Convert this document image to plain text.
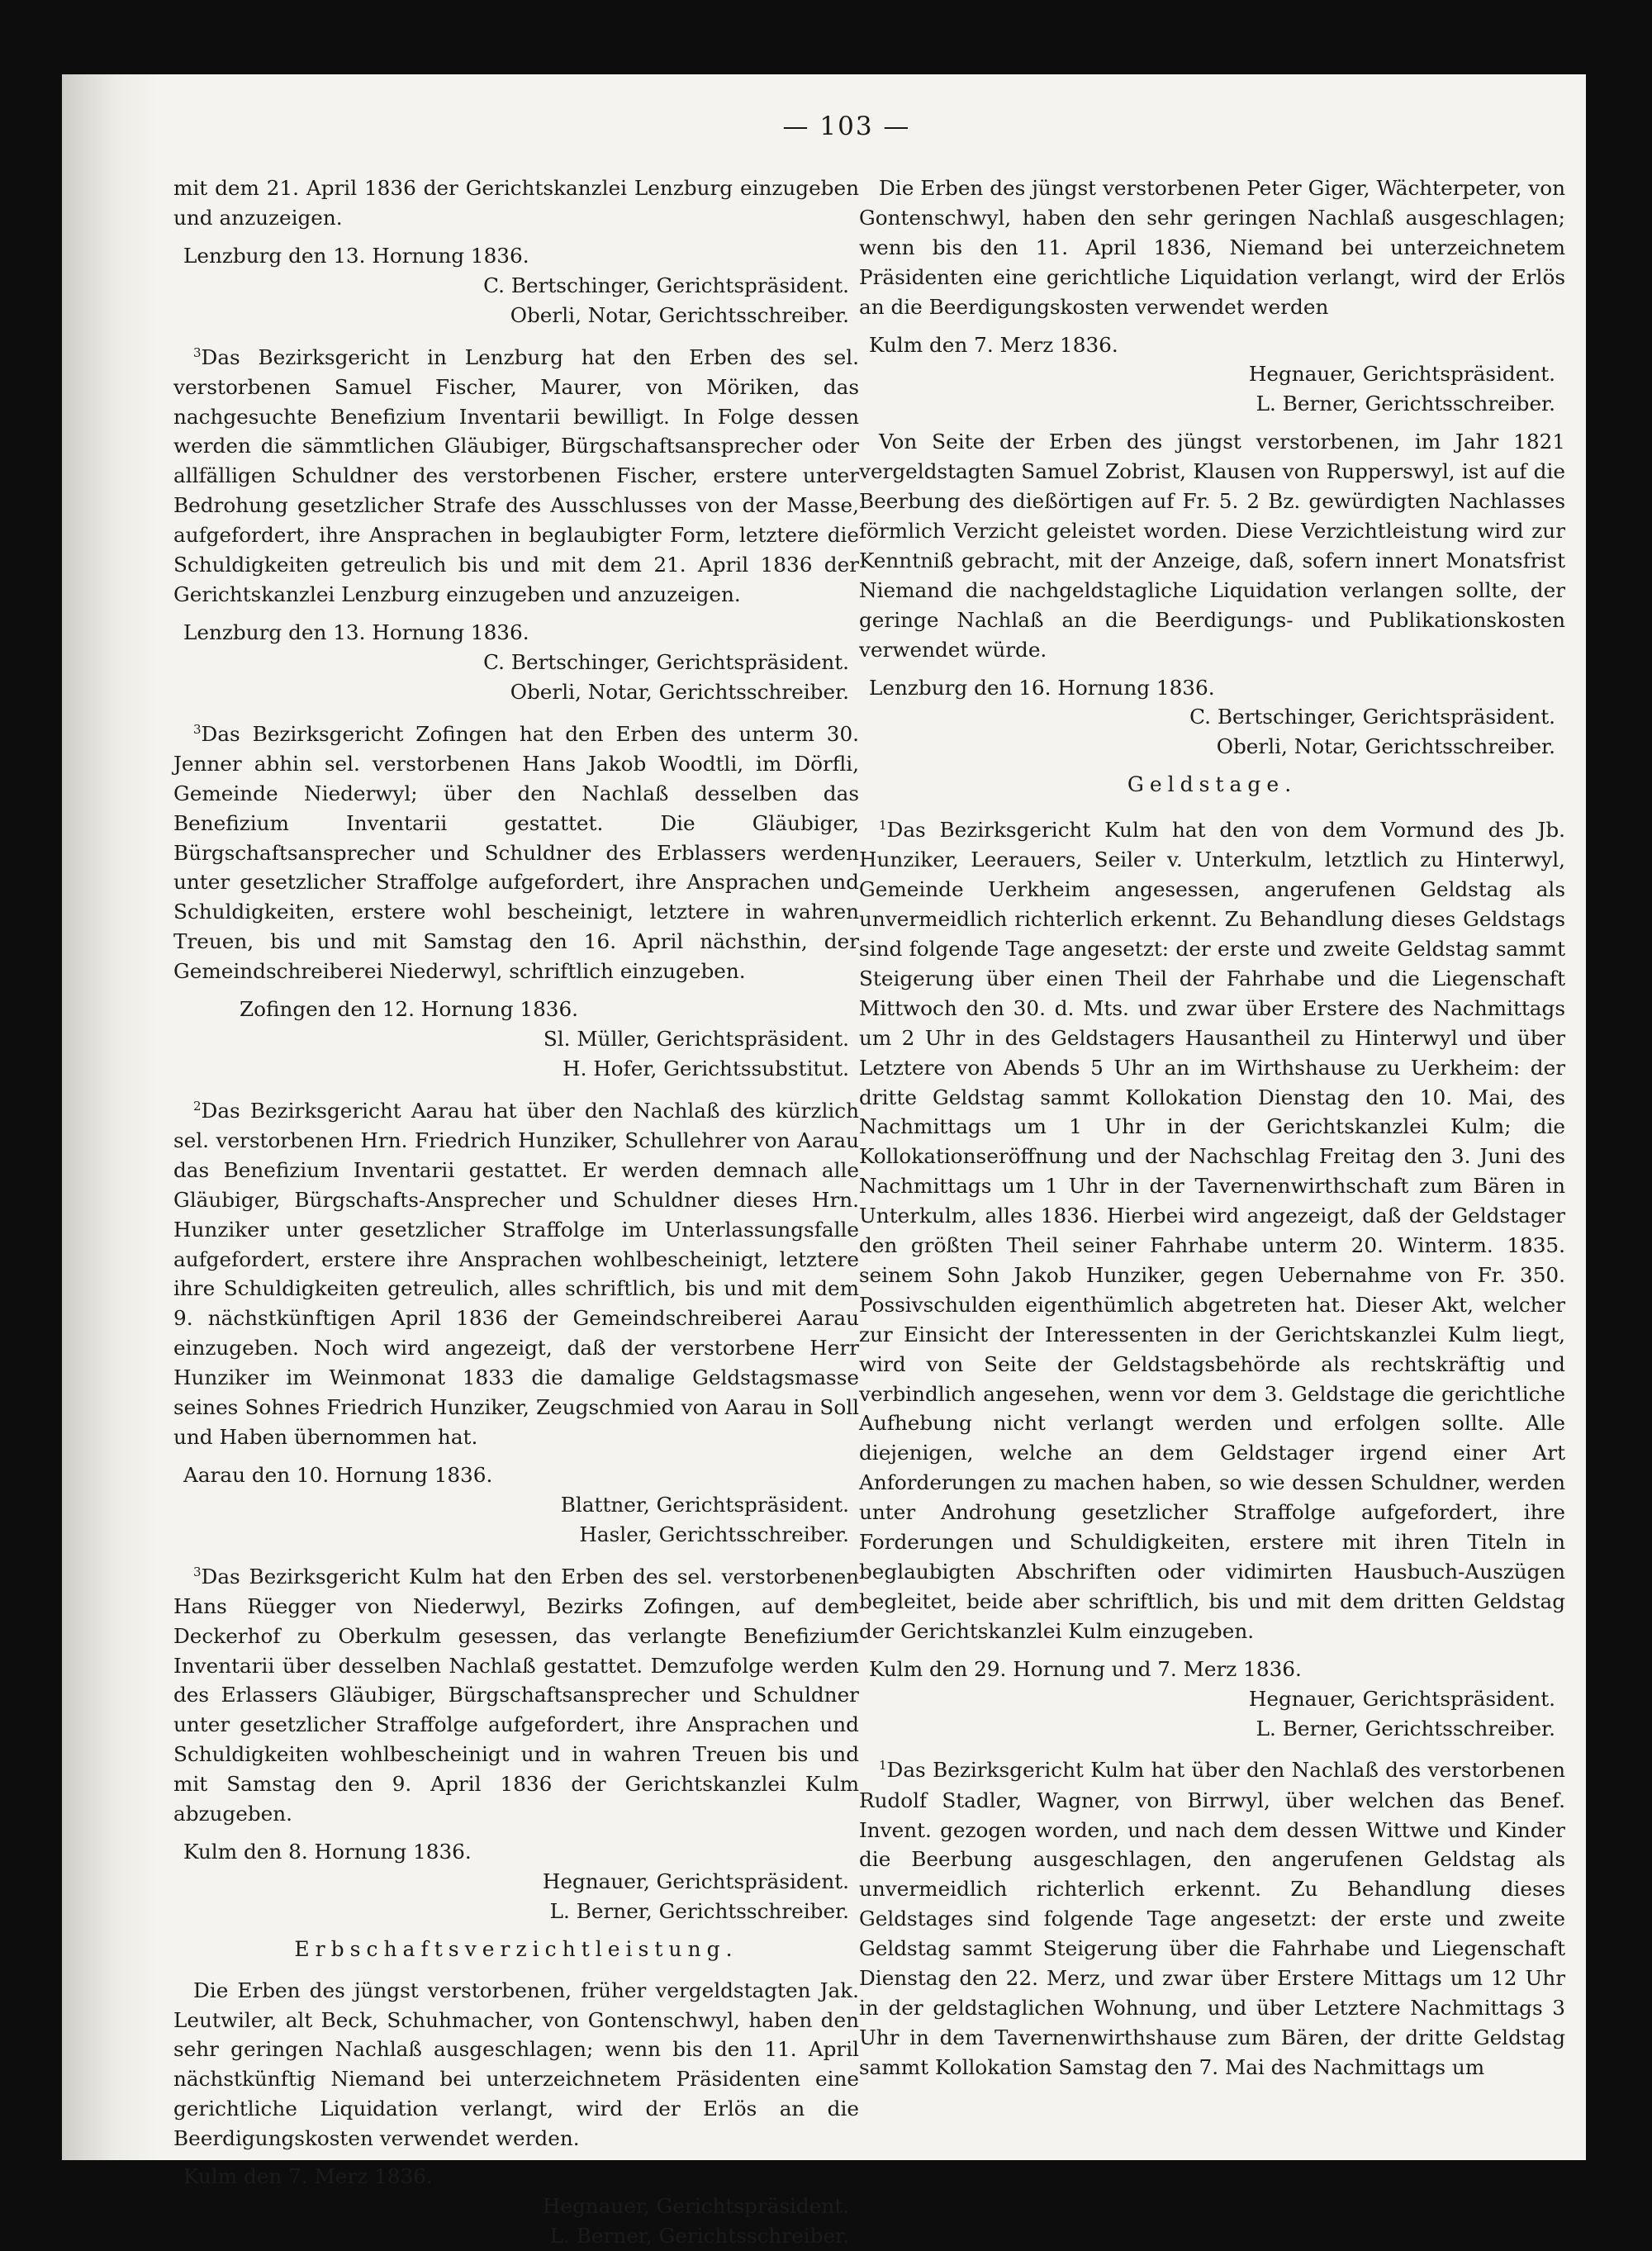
— 103 —

mit dem 21. April 1836 der Gerichtskanzlei Lenzburg einzugeben und anzuzeigen.

Lenzburg den 13. Hornung 1836.

C. Bertschinger, Gerichtspräsident.

Oberli, Notar, Gerichtsschreiber.

$^3$Das Bezirksgericht in Lenzburg hat den Erben des sel. verstorbenen Samuel Fischer, Maurer, von Möriken, das nachgesuchte Benefizium Inventarii bewilligt. In Folge dessen werden die sämmtlichen Gläubiger, Bürgschaftsansprecher oder allfälligen Schuldner des verstorbenen Fischer, erstere unter Bedrohung gesetzlicher Strafe des Ausschlusses von der Masse, aufgefordert, ihre Ansprachen in beglaubigter Form, letztere die Schuldigkeiten getreulich bis und mit dem 21. April 1836 der Gerichtskanzlei Lenzburg einzugeben und anzuzeigen.

Lenzburg den 13. Hornung 1836.

C. Bertschinger, Gerichtspräsident.

Oberli, Notar, Gerichtsschreiber.

$^3$Das Bezirksgericht Zofingen hat den Erben des unterm 30. Jenner abhin sel. verstorbenen Hans Jakob Woodtli, im Dörfli, Gemeinde Niederwyl; über den Nachlaß desselben das Benefizium Inventarii gestattet. Die Gläubiger, Bürgschaftsansprecher und Schuldner des Erblassers werden unter gesetzlicher Straffolge aufgefordert, ihre Ansprachen und Schuldigkeiten, erstere wohl bescheinigt, letztere in wahren Treuen, bis und mit Samstag den 16. April nächsthin, der Gemeindschreiberei Niederwyl, schriftlich einzugeben.

Zofingen den 12. Hornung 1836.

Sl. Müller, Gerichtspräsident.

H. Hofer, Gerichtssubstitut.

$^2$Das Bezirksgericht Aarau hat über den Nachlaß des kürzlich sel. verstorbenen Hrn. Friedrich Hunziker, Schullehrer von Aarau das Benefizium Inventarii gestattet. Er werden demnach alle Gläubiger, Bürgschafts-Ansprecher und Schuldner dieses Hrn. Hunziker unter gesetzlicher Straffolge im Unterlassungsfalle aufgefordert, erstere ihre Ansprachen wohlbescheinigt, letztere ihre Schuldigkeiten getreulich, alles schriftlich, bis und mit dem 9. nächstkünftigen April 1836 der Gemeindschreiberei Aarau einzugeben. Noch wird angezeigt, daß der verstorbene Herr Hunziker im Weinmonat 1833 die damalige Geldstagsmasse seines Sohnes Friedrich Hunziker, Zeugschmied von Aarau in Soll und Haben übernommen hat.

Aarau den 10. Hornung 1836.

Blattner, Gerichtspräsident.

Hasler, Gerichtsschreiber.

$^3$Das Bezirksgericht Kulm hat den Erben des sel. verstorbenen Hans Rüegger von Niederwyl, Bezirks Zofingen, auf dem Deckerhof zu Oberkulm gesessen, das verlangte Benefizium Inventarii über desselben Nachlaß gestattet. Demzufolge werden des Erlassers Gläubiger, Bürgschaftsansprecher und Schuldner unter gesetzlicher Straffolge aufgefordert, ihre Ansprachen und Schuldigkeiten wohlbescheinigt und in wahren Treuen bis und mit Samstag den 9. April 1836 der Gerichtskanzlei Kulm abzugeben.

Kulm den 8. Hornung 1836.

Hegnauer, Gerichtspräsident.

L. Berner, Gerichtsschreiber.

Erbschaftsverzichtleistung.

Die Erben des jüngst verstorbenen, früher vergeldstagten Jak. Leutwiler, alt Beck, Schuhmacher, von Gontenschwyl, haben den sehr geringen Nachlaß ausgeschlagen; wenn bis den 11. April nächstkünftig Niemand bei unterzeichnetem Präsidenten eine gerichtliche Liquidation verlangt, wird der Erlös an die Beerdigungskosten verwendet werden.

Kulm den 7. Merz 1836.

Hegnauer, Gerichtspräsident.

L. Berner, Gerichtsschreiber.

Die Erben des jüngst verstorbenen Peter Giger, Wächterpeter, von Gontenschwyl, haben den sehr geringen Nachlaß ausgeschlagen; wenn bis den 11. April 1836, Niemand bei unterzeichnetem Präsidenten eine gerichtliche Liquidation verlangt, wird der Erlös an die Beerdigungskosten verwendet werden

Kulm den 7. Merz 1836.

Hegnauer, Gerichtspräsident.

L. Berner, Gerichtsschreiber.

Von Seite der Erben des jüngst verstorbenen, im Jahr 1821 vergeldstagten Samuel Zobrist, Klausen von Rupperswyl, ist auf die Beerbung des dießörtigen auf Fr. 5. 2 Bz. gewürdigten Nachlasses förmlich Verzicht geleistet worden. Diese Verzichtleistung wird zur Kenntniß gebracht, mit der Anzeige, daß, sofern innert Monatsfrist Niemand die nachgeldstagliche Liquidation verlangen sollte, der geringe Nachlaß an die Beerdigungs- und Publikationskosten verwendet würde.

Lenzburg den 16. Hornung 1836.

C. Bertschinger, Gerichtspräsident.

Oberli, Notar, Gerichtsschreiber.

Geldstage.

$^1$Das Bezirksgericht Kulm hat den von dem Vormund des Jb. Hunziker, Leerauers, Seiler v. Unterkulm, letztlich zu Hinterwyl, Gemeinde Uerkheim angesessen, angerufenen Geldstag als unvermeidlich richterlich erkennt. Zu Behandlung dieses Geldstags sind folgende Tage angesetzt: der erste und zweite Geldstag sammt Steigerung über einen Theil der Fahrhabe und die Liegenschaft Mittwoch den 30. d. Mts. und zwar über Erstere des Nachmittags um 2 Uhr in des Geldstagers Hausantheil zu Hinterwyl und über Letztere von Abends 5 Uhr an im Wirthshause zu Uerkheim: der dritte Geldstag sammt Kollokation Dienstag den 10. Mai, des Nachmittags um 1 Uhr in der Gerichtskanzlei Kulm; die Kollokationseröffnung und der Nachschlag Freitag den 3. Juni des Nachmittags um 1 Uhr in der Tavernenwirthschaft zum Bären in Unterkulm, alles 1836. Hierbei wird angezeigt, daß der Geldstager den größten Theil seiner Fahrhabe unterm 20. Winterm. 1835. seinem Sohn Jakob Hunziker, gegen Uebernahme von Fr. 350. Possivschulden eigenthümlich abgetreten hat. Dieser Akt, welcher zur Einsicht der Interessenten in der Gerichtskanzlei Kulm liegt, wird von Seite der Geldstagsbehörde als rechtskräftig und verbindlich angesehen, wenn vor dem 3. Geldstage die gerichtliche Aufhebung nicht verlangt werden und erfolgen sollte. Alle diejenigen, welche an dem Geldstager irgend einer Art Anforderungen zu machen haben, so wie dessen Schuldner, werden unter Androhung gesetzlicher Straffolge aufgefordert, ihre Forderungen und Schuldigkeiten, erstere mit ihren Titeln in beglaubigten Abschriften oder vidimirten Hausbuch-Auszügen begleitet, beide aber schriftlich, bis und mit dem dritten Geldstag der Gerichtskanzlei Kulm einzugeben.

Kulm den 29. Hornung und 7. Merz 1836.

Hegnauer, Gerichtspräsident.

L. Berner, Gerichtsschreiber.

$^1$Das Bezirksgericht Kulm hat über den Nachlaß des verstorbenen Rudolf Stadler, Wagner, von Birrwyl, über welchen das Benef. Invent. gezogen worden, und nach dem dessen Wittwe und Kinder die Beerbung ausgeschlagen, den angerufenen Geldstag als unvermeidlich richterlich erkennt. Zu Behandlung dieses Geldstages sind folgende Tage angesetzt: der erste und zweite Geldstag sammt Steigerung über die Fahrhabe und Liegenschaft Dienstag den 22. Merz, und zwar über Erstere Mittags um 12 Uhr in der geldstaglichen Wohnung, und über Letztere Nachmittags 3 Uhr in dem Tavernenwirthshause zum Bären, der dritte Geldstag sammt Kollokation Samstag den 7. Mai des Nachmittags um
